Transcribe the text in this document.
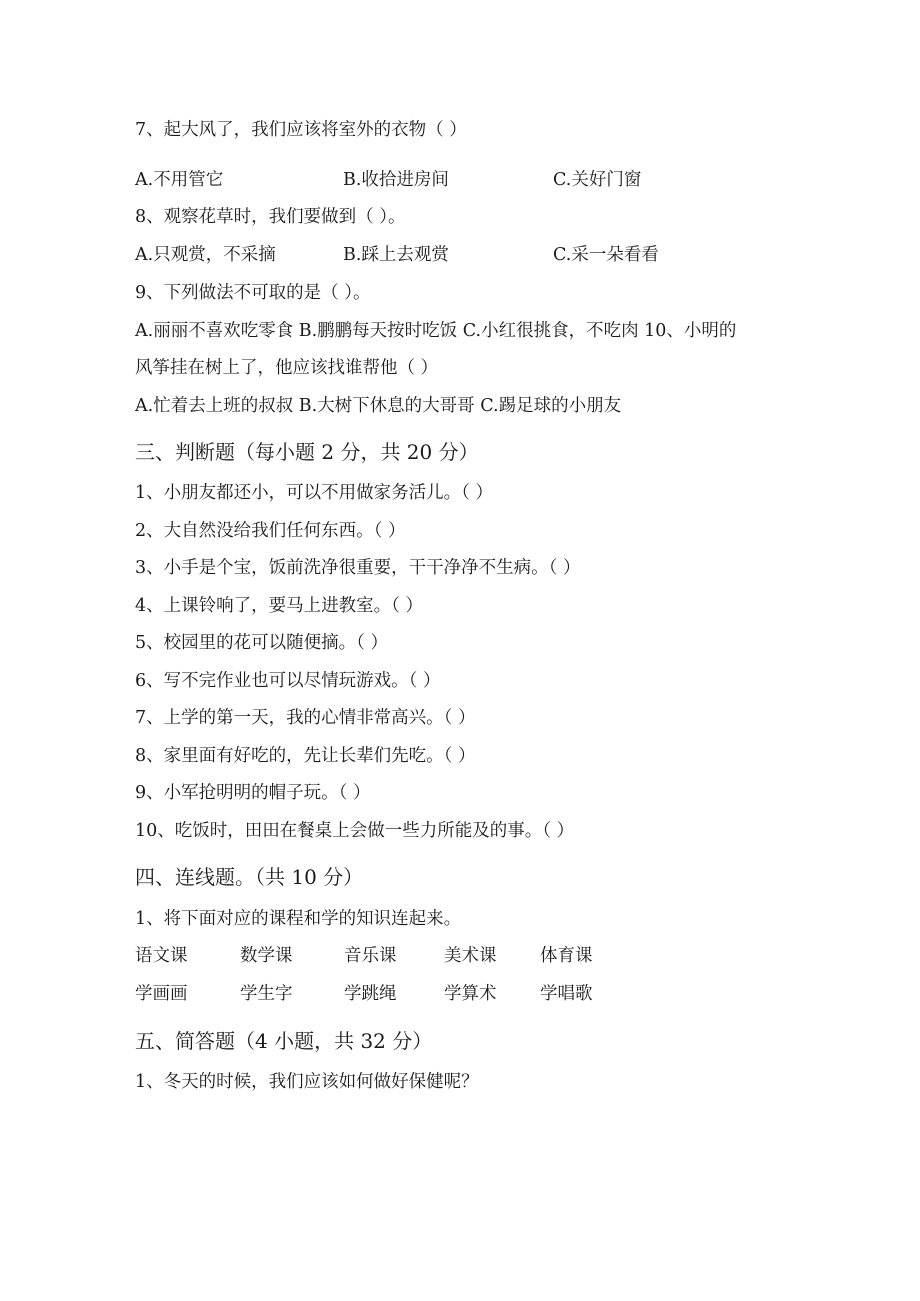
7、起大风了，我们应该将室外的衣物（ ）
A.不用管它	B.收拾进房间	C.关好门窗
8、观察花草时，我们要做到（ ）。
A.只观赏，不采摘	B.踩上去观赏	C.采一朵看看
9、下列做法不可取的是（ ）。
A.丽丽不喜欢吃零食 B.鹏鹏每天按时吃饭 C.小红很挑食，不吃肉 10、小明的
风筝挂在树上了，他应该找谁帮他（ ）
A.忙着去上班的叔叔 B.大树下休息的大哥哥 C.踢足球的小朋友
三、判断题（每小题 2 分，共 20 分）
1、小朋友都还小，可以不用做家务活儿。（ ）
2、大自然没给我们任何东西。（ ）
3、小手是个宝，饭前洗净很重要，干干净净不生病。（ ）
4、上课铃响了，要马上进教室。（ ）
5、校园里的花可以随便摘。（ ）
6、写不完作业也可以尽情玩游戏。（ ）
7、上学的第一天，我的心情非常高兴。（ ）
8、家里面有好吃的，先让长辈们先吃。（ ）
9、小军抢明明的帽子玩。（ ）
10、吃饭时，田田在餐桌上会做一些力所能及的事。（ ）
四、连线题。（共 10 分）
1、将下面对应的课程和学的知识连起来。
语文课	数学课	音乐课	美术课 体育课
学画画	学生字	学跳绳	学算术 学唱歌
五、简答题（4 小题，共 32 分）
1、冬天的时候，我们应该如何做好保健呢？
